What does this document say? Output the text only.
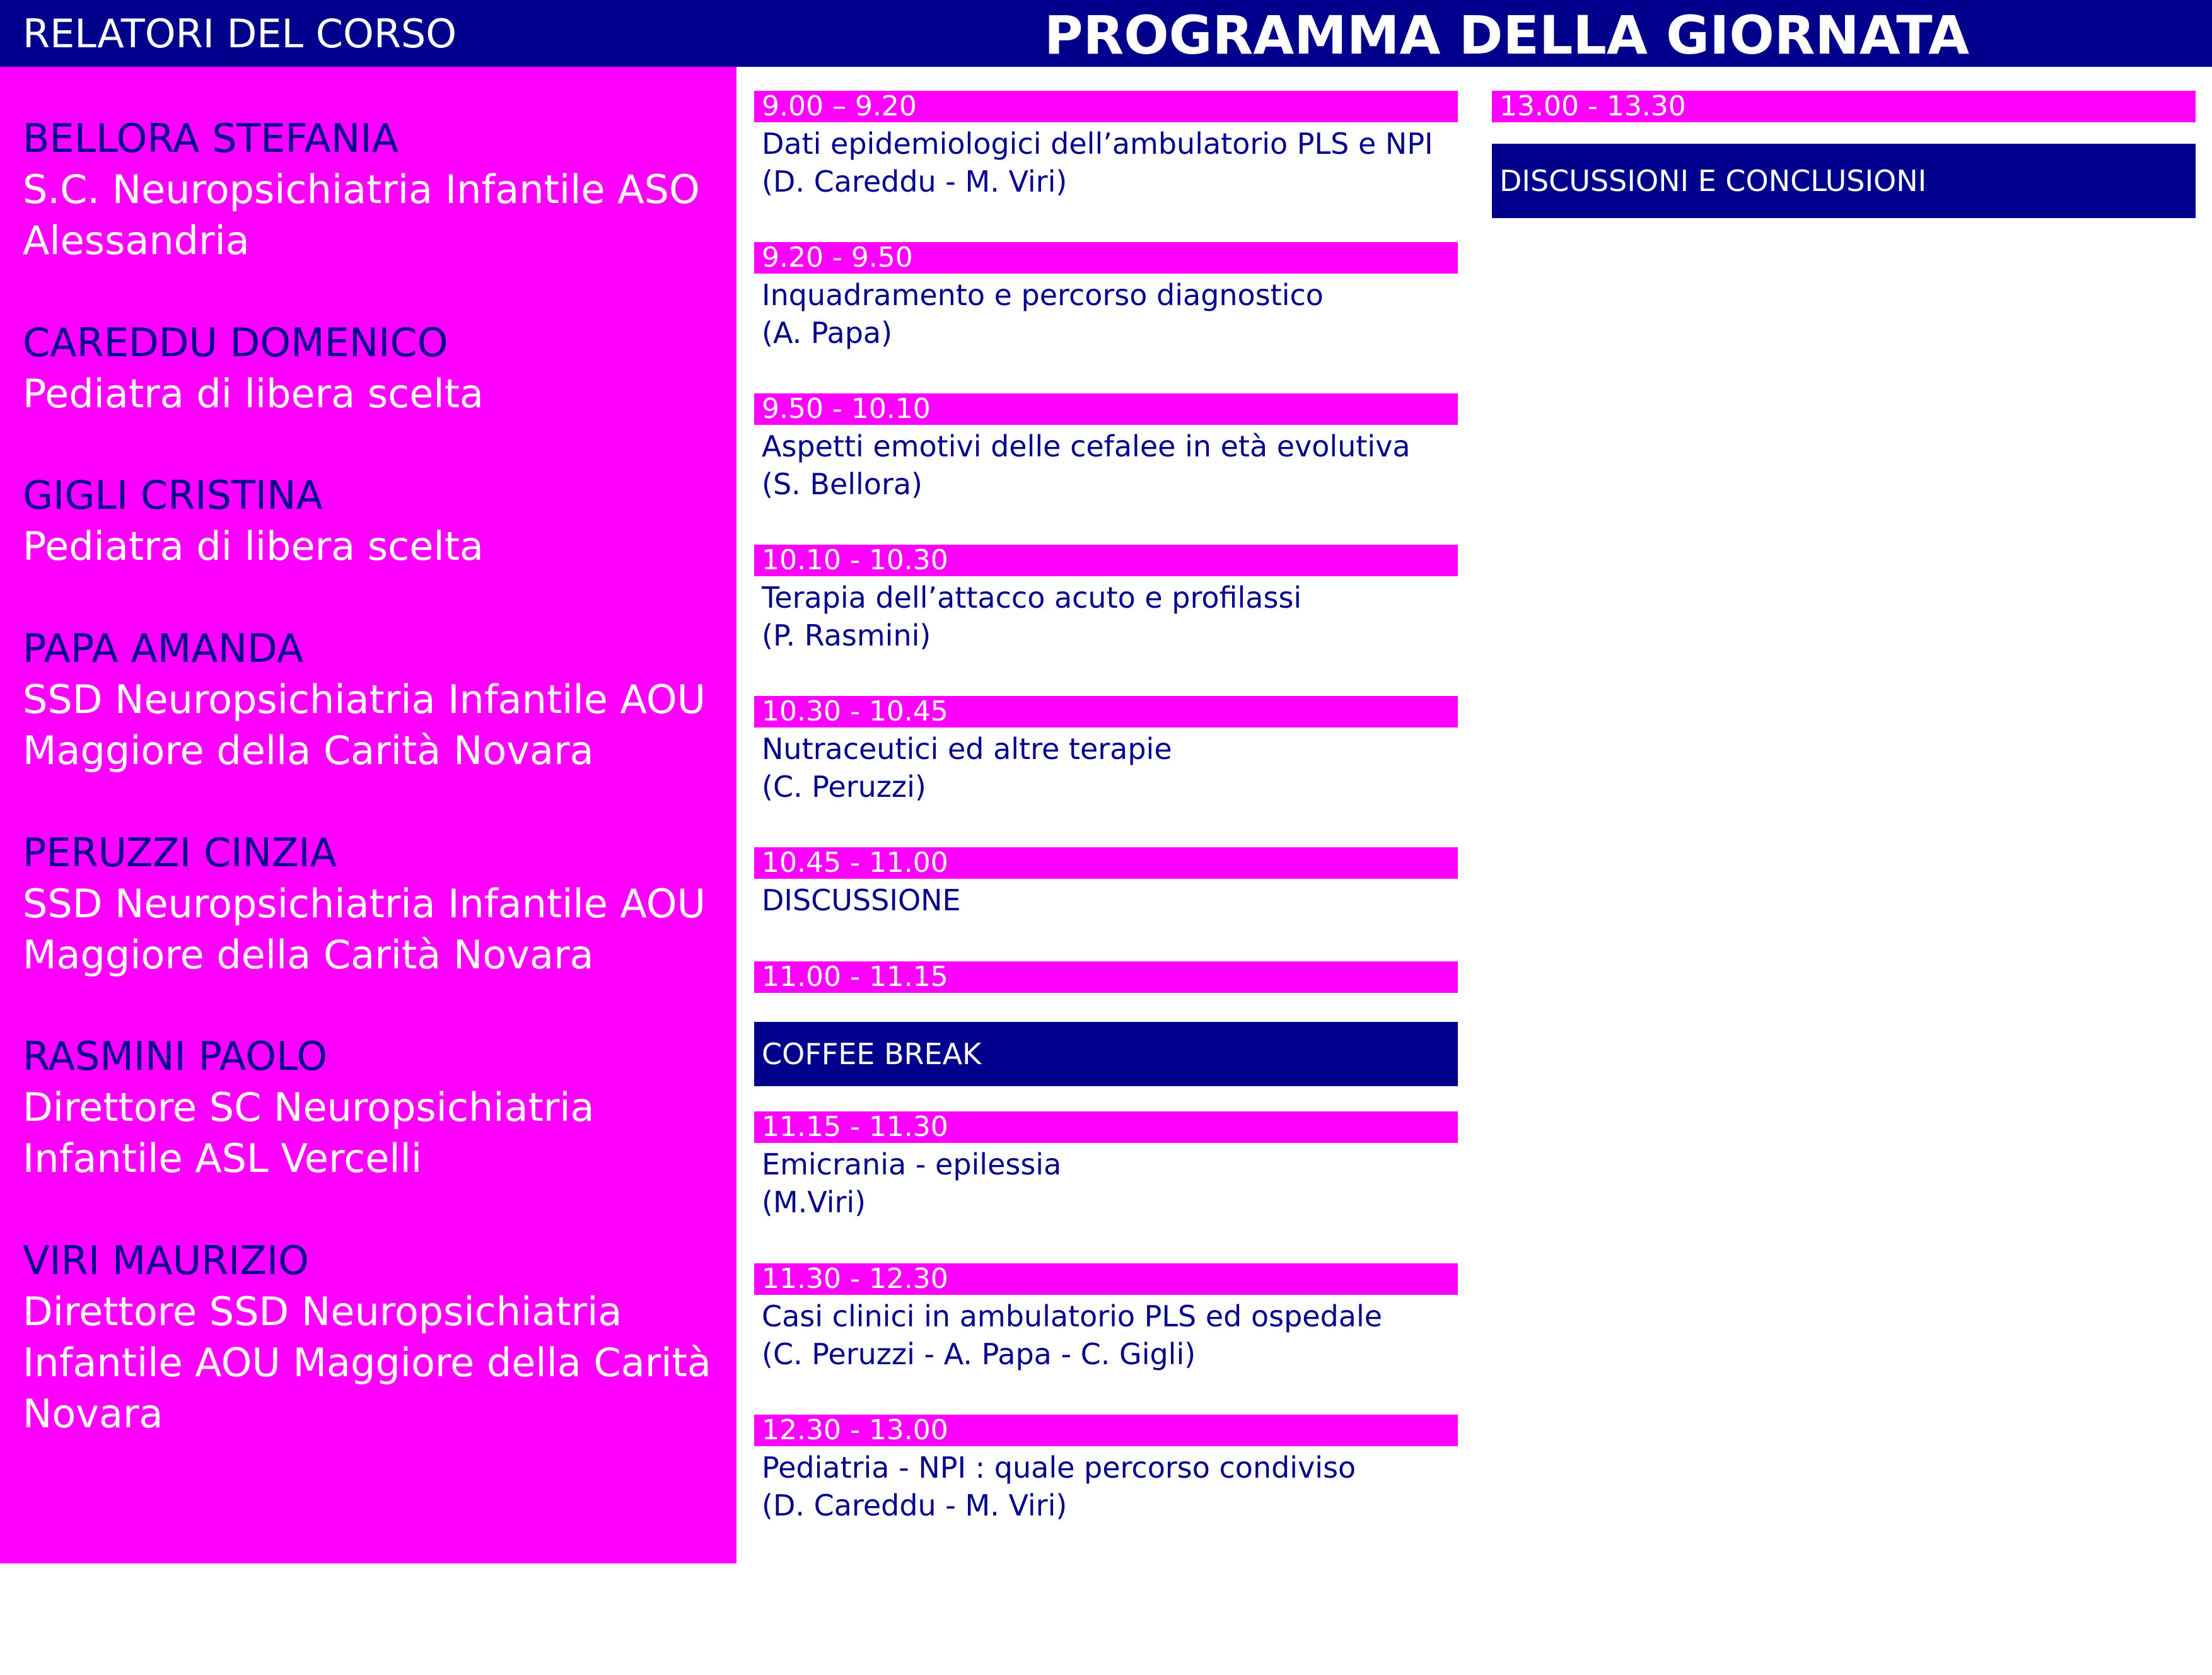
RELATORI DEL CORSO	PROGRAMMA DELLA GIORNATA
BELLORA STEFANIA
S.C. Neuropsichiatria Infantile ASO
Alessandria
CAREDDU DOMENICO
Pediatra di libera scelta
GIGLI CRISTINA
Pediatra di libera scelta
PAPA AMANDA
SSD Neuropsichiatria Infantile AOU
Maggiore della Carità Novara
PERUZZI CINZIA
SSD Neuropsichiatria Infantile AOU
Maggiore della Carità Novara
RASMINI PAOLO
Direttore SC Neuropsichiatria
Infantile ASL Vercelli
VIRI MAURIZIO
Direttore SSD Neuropsichiatria
Infantile AOU Maggiore della Carità
Novara
9.00 – 9.20
Dati epidemiologici dell’ambulatorio PLS e NPI
(D. Careddu - M. Viri)
9.20 - 9.50
Inquadramento e percorso diagnostico
(A. Papa)
9.50 - 10.10
Aspetti emotivi delle cefalee in età evolutiva
(S. Bellora)
10.10 - 10.30
Terapia dell’attacco acuto e profilassi
(P. Rasmini)
10.30 - 10.45
Nutraceutici ed altre terapie
(C. Peruzzi)
10.45 - 11.00
DISCUSSIONE
11.00 - 11.15
COFFEE BREAK
11.15 - 11.30
Emicrania - epilessia
(M.Viri)
11.30 - 12.30
Casi clinici in ambulatorio PLS ed ospedale
(C. Peruzzi - A. Papa - C. Gigli)
12.30 - 13.00
Pediatria - NPI : quale percorso condiviso
(D. Careddu - M. Viri)
13.00 - 13.30
DISCUSSIONI E CONCLUSIONI
